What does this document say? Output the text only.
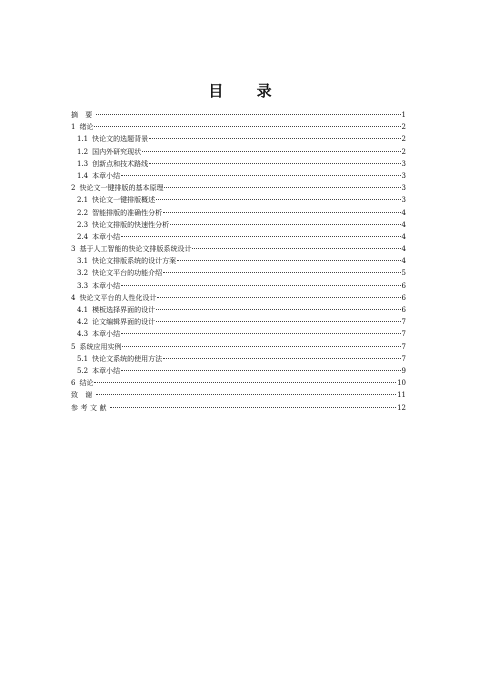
目 录
摘 要	1
1 绪论	2
1.1 快论文的选题背景	2
1.2 国内外研究现状	2
1.3 创新点和技术路线	3
1.4 本章小结	3
2 快论文一键排版的基本原理	3
2.1 快论文一键排版概述	3
2.2 智能排版的准确性分析	4
2.3 快论文排版的快速性分析	4
2.4 本章小结	4
3 基于人工智能的快论文排版系统设计	4
3.1 快论文排版系统的设计方案	4
3.2 快论文平台的功能介绍	5
3.3 本章小结	6
4 快论文平台的人性化设计	6
4.1 模板选择界面的设计	6
4.2 论文编辑界面的设计	7
4.3 本章小结	7
5 系统应用实例	7
5.1 快论文系统的使用方法	7
5.2 本章小结	9
6 结论	10
致 谢	11
参考文献	12
